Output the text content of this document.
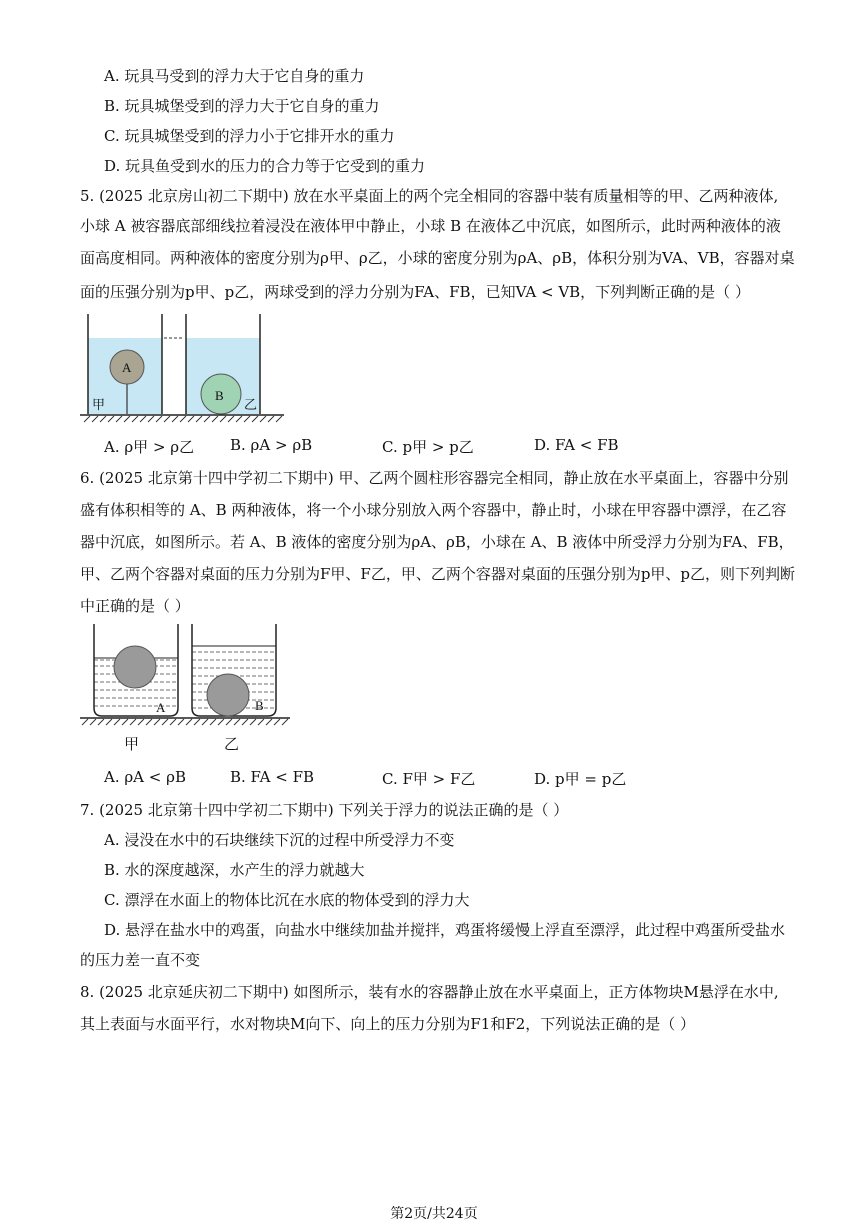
A. 玩具马受到的浮力大于它自身的重力
B. 玩具城堡受到的浮力大于它自身的重力
C. 玩具城堡受到的浮力小于它排开水的重力
D. 玩具鱼受到水的压力的合力等于它受到的重力
5. (2025 北京房山初二下期中) 放在水平桌面上的两个完全相同的容器中装有质量相等的甲、乙两种液体,
小球 A 被容器底部细线拉着浸没在液体甲中静止，小球 B 在液体乙中沉底，如图所示，此时两种液体的液
面高度相同。两种液体的密度分别为ρ甲、ρ乙，小球的密度分别为ρA、ρB，体积分别为VA、VB，容器对桌
面的压强分别为p甲、p乙，两球受到的浮力分别为FA、FB，已知VA < VB，下列判断正确的是（ ）
A
B
甲	乙
A. ρ甲 > ρ乙 B. ρA > ρB	C. p甲 > p乙	D. FA < FB
6. (2025 北京第十四中学初二下期中) 甲、乙两个圆柱形容器完全相同，静止放在水平桌面上，容器中分别
盛有体积相等的 A、B 两种液体，将一个小球分别放入两个容器中，静止时，小球在甲容器中漂浮，在乙容
器中沉底，如图所示。若 A、B 液体的密度分别为ρA、ρB，小球在 A、B 液体中所受浮力分别为FA、FB，
甲、乙两个容器对桌面的压力分别为F甲、F乙，甲、乙两个容器对桌面的压强分别为p甲、p乙，则下列判断
中正确的是（ ）
A	B
甲	乙
A. ρA < ρB	B. FA < FB	C. F甲 > F乙	D. p甲 = p乙
7. (2025 北京第十四中学初二下期中) 下列关于浮力的说法正确的是（ ）
A. 浸没在水中的石块继续下沉的过程中所受浮力不变
B. 水的深度越深，水产生的浮力就越大
C. 漂浮在水面上的物体比沉在水底的物体受到的浮力大
D. 悬浮在盐水中的鸡蛋，向盐水中继续加盐并搅拌，鸡蛋将缓慢上浮直至漂浮，此过程中鸡蛋所受盐水
的压力差一直不变
8. (2025 北京延庆初二下期中) 如图所示，装有水的容器静止放在水平桌面上，正方体物块M悬浮在水中,
其上表面与水面平行，水对物块M向下、向上的压力分别为F1和F2，下列说法正确的是（ ）
第2页/共24页
